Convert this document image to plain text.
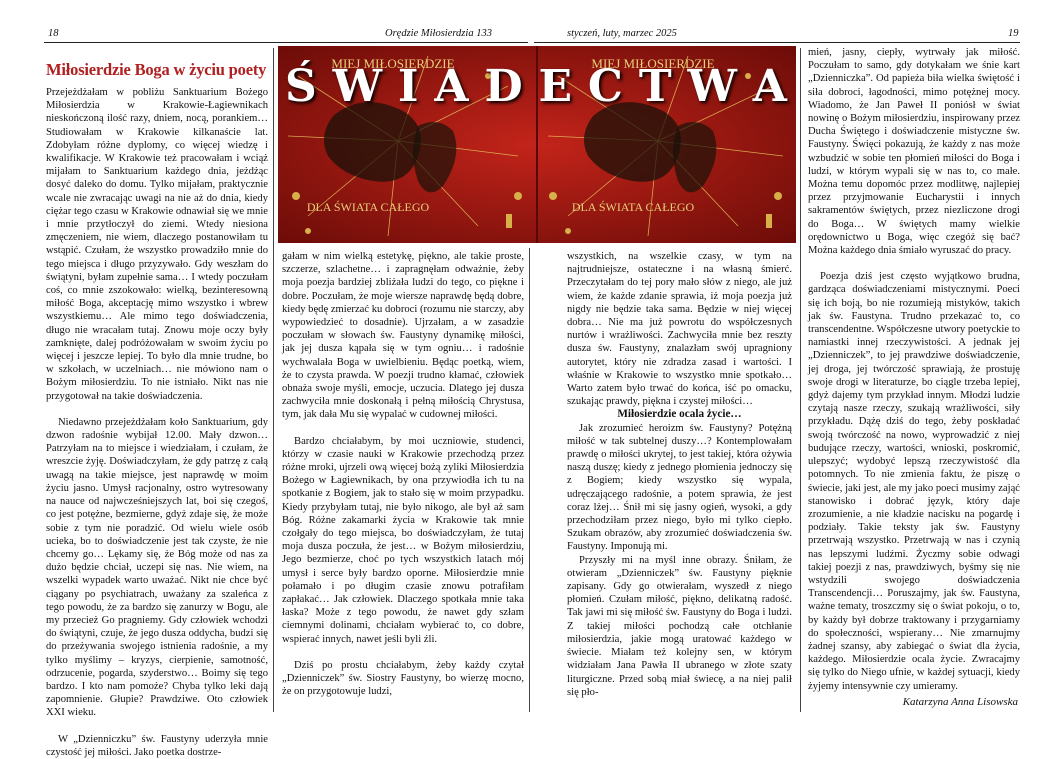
18	Orędzie Miłosierdzia 133	styczeń, luty, marzec 2025	19
Miłosierdzie Boga w życiu poety	MIEJ MIŁOSIERDZIE	MIEJ MIŁOSIERDZIE
DLA ŚWIATA CAŁEGO	DLA ŚWIATA CAŁEGO
Ś W I A D E C T W A

Przejeżdżałam w pobliżu Sanktuarium Bożego Miłosierdzia w Krakowie-Łagiewnikach nieskończoną ilość razy, dniem, nocą, porankiem… Studiowałam w Krakowie kilkanaście lat. Zdobyłam różne dyplomy, co więcej wiedzę i kwalifikacje. W Krakowie też pracowałam i wciąż mijałam to Sanktuarium każdego dnia, jeżdżąc dosyć daleko do domu. Tylko mijałam, praktycznie wcale nie zwracając uwagi na nie aż do dnia, kiedy ciężar tego czasu w Krakowie odnawiał się we mnie i mnie przytłoczył do ziemi. Wtedy niesiona zmęczeniem, nie wiem, dlaczego postanowiłam tu wstąpić. Czułam, że wszystko prowadziło mnie do tego miejsca i długo przyzywało. Gdy weszłam do świątyni, byłam zupełnie sama… I wtedy poczułam coś, co mnie zszokowało: wielką, bezinteresowną miłość Boga, akceptację mimo wszystko i wbrew wszystkiemu… Ale mimo tego doświadczenia, długo nie wracałam tutaj. Znowu moje oczy były zamknięte, dalej podróżowałam w swoim życiu po więcej i jeszcze lepiej. To było dla mnie trudne, bo w szkołach, w uczelniach… nie mówiono nam o Bożym miłosierdziu. To nie istniało. Nikt nas nie przygotował na takie doświadczenia.

Niedawno przejeżdżałam koło Sanktuarium, gdy dzwon radośnie wybijał 12.00. Mały dzwon… Patrzyłam na to miejsce i wiedziałam, i czułam, że wreszcie żyję. Doświadczyłam, że gdy patrzę z całą uwagą na takie miejsce, jest naprawdę w moim życiu jasno. Umysł racjonalny, ostro wytresowany na nauce od najwcześniejszych lat, boi się czegoś, co jest potężne, bezmierne, gdyż zdaje się, że może sobie z tym nie poradzić. Od wielu wiele osób ucieka, bo to doświadczenie jest tak czyste, że nie chcemy go… Lękamy się, że Bóg może od nas za dużo będzie chciał, uczepi się nas. Nie wiem, na wszelki wypadek warto uważać. Nikt nie chce być ciągany po psychiatrach, uważany za szaleńca z tego powodu, że za bardzo się zanurzy w Bogu, ale my przecież Go pragniemy. Gdy człowiek wchodzi do świątyni, czuje, że jego dusza oddycha, budzi się do przeżywania swojego istnienia radośnie, a my tylko myślimy – kryzys, cierpienie, samotność, odrzucenie, pogarda, szyderstwo… Boimy się tego bardzo. I kto nam pomoże? Chyba tylko leki dają zapomnienie. Głupie? Prawdziwe. Oto człowiek XXI wieku.

W „Dzienniczku” św. Faustyny uderzyła mnie czystość jej miłości. Jako poetka dostrze-

gałam w nim wielką estetykę, piękno, ale takie proste, szczerze, szlachetne… i zapragnęłam odważnie, żeby moja poezja bardziej zbliżała ludzi do tego, co piękne i dobre. Poczułam, że moje wiersze naprawdę będą dobre, kiedy będę zmierzać ku dobroci (rozumu nie starczy, aby wypowiedzieć to dosadnie). Ujrzałam, a w zasadzie poczułam w słowach św. Faustyny dynamikę miłości, jak jej dusza kąpała się w tym ogniu… i radośnie wychwalała Boga w uwielbieniu. Będąc poetką, wiem, że to czysta prawda. W poezji trudno kłamać, człowiek obnaża swoje myśli, emocje, uczucia. Dlatego jej dusza zachwyciła mnie doskonałą i pełną miłością Chrystusa, tym, jak dała Mu się wypalać w cudownej miłości.

Bardzo chciałabym, by moi uczniowie, studenci, którzy w czasie nauki w Krakowie przechodzą przez różne mroki, ujrzeli ową więcej bożą zyliki Miłosierdzia Bożego w Łagiewnikach, by ona przywiodła ich tu na spotkanie z Bogiem, jak to stało się w moim przypadku. Kiedy przybyłam tutaj, nie było nikogo, ale był aż sam Bóg. Różne zakamarki życia w Krakowie tak mnie czołgały do tego miejsca, bo doświadczyłam, że tutaj moja dusza poczuła, że jest… w Bożym miłosierdziu, Jego bezmierze, choć po tych wszystkich latach mój umysł i serce były bardzo oporne. Miłosierdzie mnie połamało i po długim czasie znowu potrafiłam zapłakać… Jak człowiek. Dlaczego spotkała mnie taka łaska? Może z tego powodu, że nawet gdy szłam ciemnymi dolinami, chciałam wybierać to, co dobre, wspierać innych, nawet jeśli byli źli.

Dziś po prostu chciałabym, żeby każdy czytał „Dzienniczek” św. Siostry Faustyny, bo wierzę mocno, że on przygotowuje ludzi,

wszystkich, na wszelkie czasy, w tym na najtrudniejsze, ostateczne i na własną śmierć. Przeczytałam do tej pory mało słów z niego, ale już wiem, że każde zdanie sprawia, iż moja poezja już nigdy nie będzie taka sama. Będzie w niej więcej dobra… Nie ma już powrotu do współczesnych nurtów i wrażliwości. Zachwyciła mnie bez reszty dusza św. Faustyny, znalazłam swój upragniony autorytet, który nie zdradza zasad i wartości. I właśnie w Krakowie to wszystko mnie spotkało… Warto zatem było trwać do końca, iść po omacku, szukając prawdy, piękna i czystej miłości…

Miłosierdzie ocala życie…

Jak zrozumieć heroizm św. Faustyny? Potężną miłość w tak subtelnej duszy…? Kontemplowałam prawdę o miłości ukrytej, to jest takiej, która ożywia naszą duszę; kiedy z jednego płomienia jednoczy się z Bogiem; kiedy wszystko się wypala, udręczającego radośnie, a potem sprawia, że jest coraz lżej… Śnił mi się jasny ogień, wysoki, a gdy przechodziłam przez niego, było mi tylko ciepło. Szukam obrazów, aby zrozumieć doświadczenia św. Faustyny. Imponują mi.

Przyszły mi na myśl inne obrazy. Śniłam, że otwieram „Dzienniczek” św. Faustyny pięknie zapisany. Gdy go otwierałam, wyszedł z niego płomień. Czułam miłość, piękno, delikatną radość. Tak jawi mi się miłość św. Faustyny do Boga i ludzi. Z takiej miłości pochodzą całe otchłanie miłosierdzia, jakie mogą uratować każdego w świecie. Miałam też kolejny sen, w którym widziałam Jana Pawła II ubranego w złote szaty liturgiczne. Przed sobą miał świecę, a na niej palił się pło-

mień, jasny, ciepły, wytrwały jak miłość. Poczułam to samo, gdy dotykałam we śnie kart „Dzienniczka”. Od papieża biła wielka świętość i siła dobroci, łagodności, mimo potężnej mocy. Wiadomo, że Jan Paweł II poniósł w świat nowinę o Bożym miłosierdziu, inspirowany przez Ducha Świętego i doświadczenie mistyczne św. Faustyny. Święci pokazują, że każdy z nas może wzbudzić w sobie ten płomień miłości do Boga i ludzi, w którym wypali się w nas to, co małe. Można temu dopomóc przez modlitwę, najlepiej przez przyjmowanie Eucharystii i innych sakramentów świętych, przez niezliczone drogi do Boga… W świętych mamy wielkie orędownictwo u Boga, więc czegóż się bać? Można każdego dnia śmiało wyruszać do pracy.

Poezja dziś jest często wyjątkowo brudna, gardząca doświadczeniami mistycznymi. Poeci się ich boją, bo nie rozumieją mistyków, takich jak św. Faustyna. Trudno przekazać to, co transcendentne. Współczesne utwory poetyckie to namiastki innej rzeczywistości. A jednak jej „Dzienniczek”, to jej prawdziwe doświadczenie, jej droga, jej twórczość sprawiają, że prostuję swoje drogi w literaturze, bo ciągle trzeba lepiej, gdyż dajemy tym przykład innym. Młodzi ludzie czytają nasze rzeczy, szukają wrażliwości, siły przykładu. Dążę dziś do tego, żeby poskładać swoją twórczość na nowo, wyprowadzić z niej budujące rzeczy, wartości, wnioski, poskromić, ulepszyć; wydobyć lepszą rzeczywistość dla potomnych. To nie zmienia faktu, że piszę o świecie, jaki jest, ale my jako poeci musimy zająć stanowisko i dobrać język, który daje zrozumienie, a nie kładzie nacisku na pogardę i podziały. Takie teksty jak św. Faustyny przetrwają wszystko. Przetrwają w nas i czynią nas lepszymi ludźmi. Życzmy sobie odwagi takiej poezji z nas, prawdziwych, byśmy się nie wstydzili swojego doświadczenia Transcendencji… Poruszajmy, jak św. Faustyna, ważne tematy, troszczmy się o świat pokoju, o to, by każdy był dobrze traktowany i przygarniamy do społeczności, wspierany… Nie zmarnujmy żadnej szansy, aby zabiegać o świat dla życia, każdego. Miłosierdzie ocala życie. Zwracajmy się tylko do Niego ufnie, w każdej sytuacji, kiedy żyjemy intensywnie czy umieramy.

Katarzyna Anna Lisowska
